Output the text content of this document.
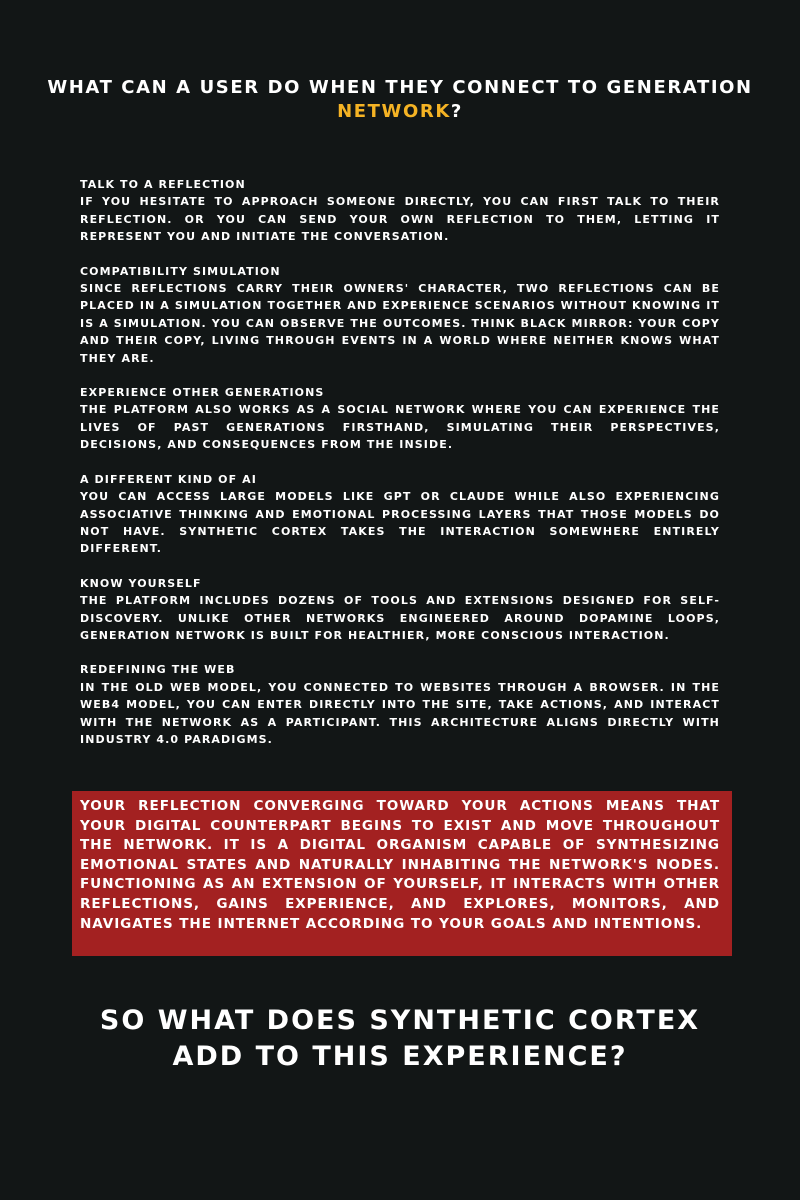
WHAT CAN A USER DO WHEN THEY CONNECT TO GENERATION NETWORK?
TALK TO A REFLECTION
IF YOU HESITATE TO APPROACH SOMEONE DIRECTLY, YOU CAN FIRST TALK TO THEIR REFLECTION. OR YOU CAN SEND YOUR OWN REFLECTION TO THEM, LETTING IT REPRESENT YOU AND INITIATE THE CONVERSATION.
COMPATIBILITY SIMULATION
SINCE REFLECTIONS CARRY THEIR OWNERS' CHARACTER, TWO REFLECTIONS CAN BE PLACED IN A SIMULATION TOGETHER AND EXPERIENCE SCENARIOS WITHOUT KNOWING IT IS A SIMULATION. YOU CAN OBSERVE THE OUTCOMES. THINK BLACK MIRROR: YOUR COPY AND THEIR COPY, LIVING THROUGH EVENTS IN A WORLD WHERE NEITHER KNOWS WHAT THEY ARE.
EXPERIENCE OTHER GENERATIONS
THE PLATFORM ALSO WORKS AS A SOCIAL NETWORK WHERE YOU CAN EXPERIENCE THE LIVES OF PAST GENERATIONS FIRSTHAND, SIMULATING THEIR PERSPECTIVES, DECISIONS, AND CONSEQUENCES FROM THE INSIDE.
A DIFFERENT KIND OF AI
YOU CAN ACCESS LARGE MODELS LIKE GPT OR CLAUDE WHILE ALSO EXPERIENCING ASSOCIATIVE THINKING AND EMOTIONAL PROCESSING LAYERS THAT THOSE MODELS DO NOT HAVE. SYNTHETIC CORTEX TAKES THE INTERACTION SOMEWHERE ENTIRELY DIFFERENT.
KNOW YOURSELF
THE PLATFORM INCLUDES DOZENS OF TOOLS AND EXTENSIONS DESIGNED FOR SELF-DISCOVERY. UNLIKE OTHER NETWORKS ENGINEERED AROUND DOPAMINE LOOPS, GENERATION NETWORK IS BUILT FOR HEALTHIER, MORE CONSCIOUS INTERACTION.
REDEFINING THE WEB
IN THE OLD WEB MODEL, YOU CONNECTED TO WEBSITES THROUGH A BROWSER. IN THE WEB4 MODEL, YOU CAN ENTER DIRECTLY INTO THE SITE, TAKE ACTIONS, AND INTERACT WITH THE NETWORK AS A PARTICIPANT. THIS ARCHITECTURE ALIGNS DIRECTLY WITH INDUSTRY 4.0 PARADIGMS.
YOUR REFLECTION CONVERGING TOWARD YOUR ACTIONS MEANS THAT YOUR DIGITAL COUNTERPART BEGINS TO EXIST AND MOVE THROUGHOUT THE NETWORK. IT IS A DIGITAL ORGANISM CAPABLE OF SYNTHESIZING EMOTIONAL STATES AND NATURALLY INHABITING THE NETWORK'S NODES. FUNCTIONING AS AN EXTENSION OF YOURSELF, IT INTERACTS WITH OTHER REFLECTIONS, GAINS EXPERIENCE, AND EXPLORES, MONITORS, AND NAVIGATES THE INTERNET ACCORDING TO YOUR GOALS AND INTENTIONS.
SO WHAT DOES SYNTHETIC CORTEX
ADD TO THIS EXPERIENCE?
